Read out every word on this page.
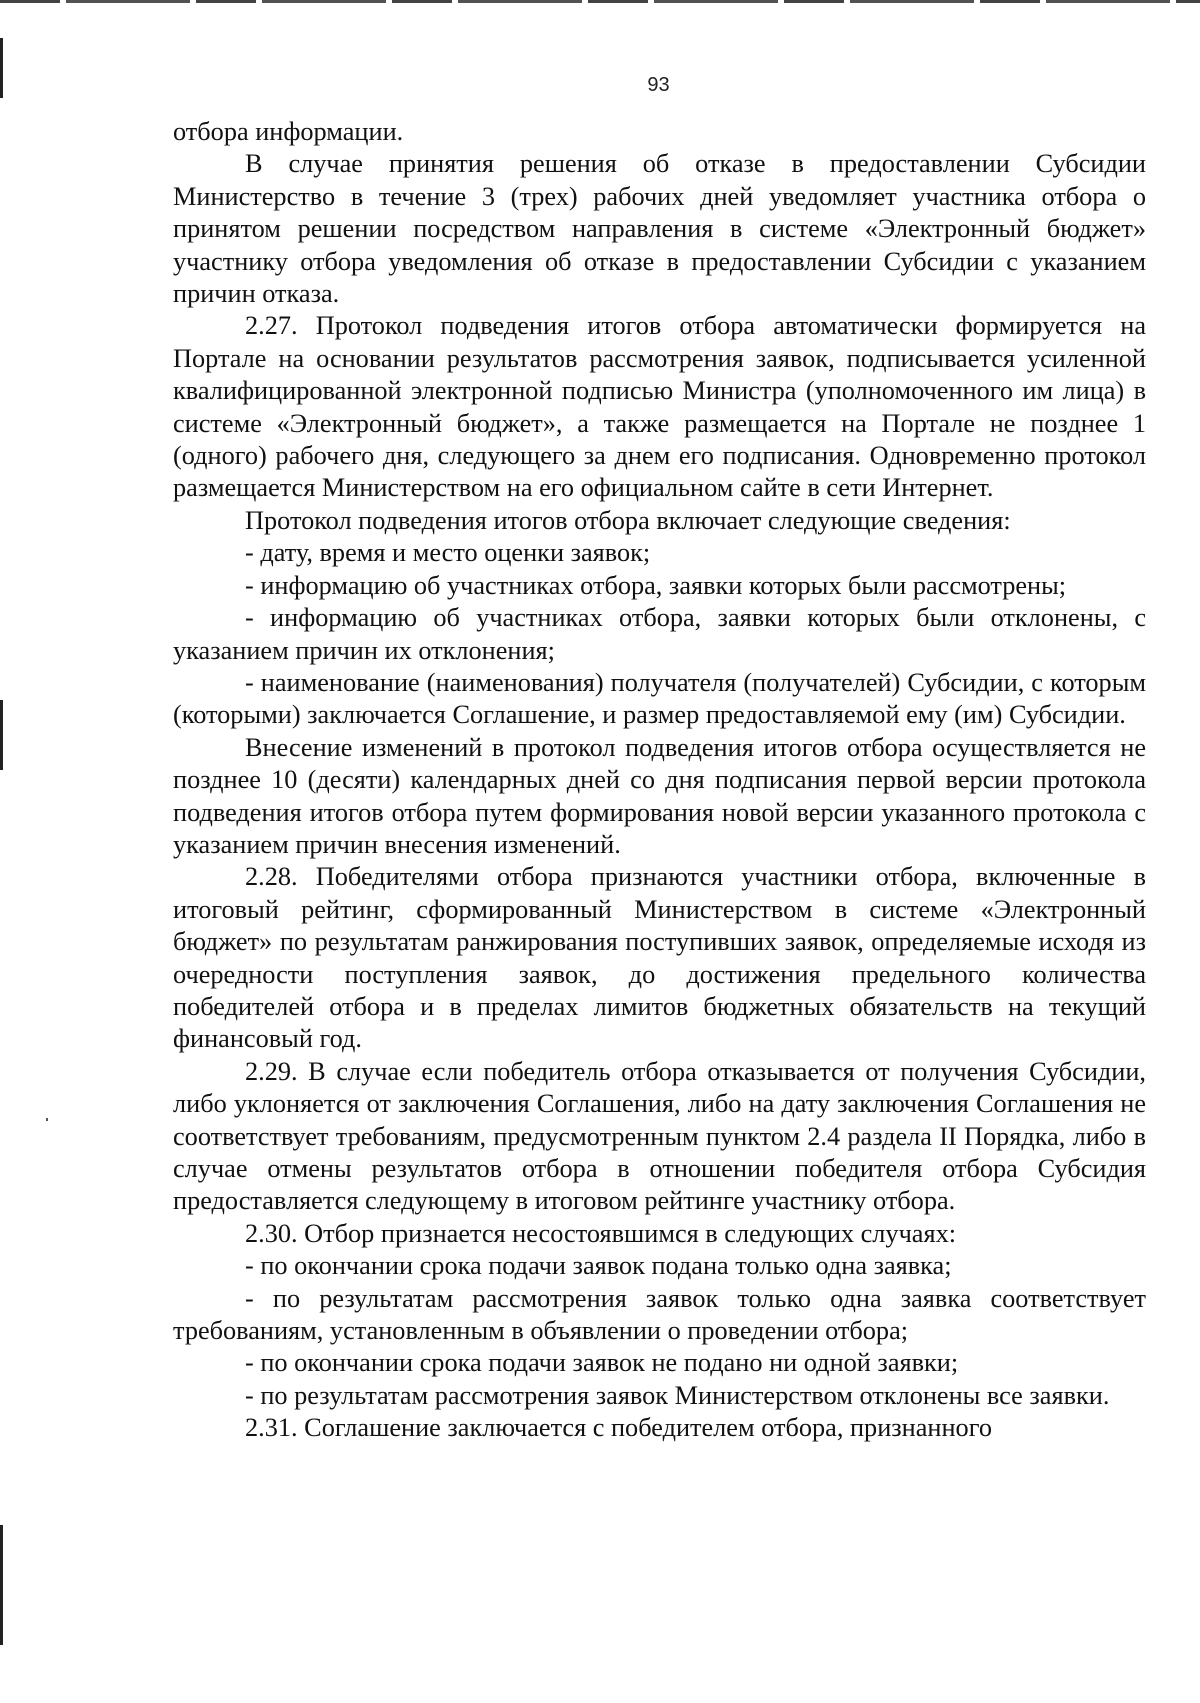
93

отбора информации.

В случае принятия решения об отказе в предоставлении Субсидии Министерство в течение 3 (трех) рабочих дней уведомляет участника отбора о принятом решении посредством направления в системе «Электронный бюджет» участнику отбора уведомления об отказе в предоставлении Субсидии с указанием причин отказа.

2.27. Протокол подведения итогов отбора автоматически формируется на Портале на основании результатов рассмотрения заявок, подписывается усиленной квалифицированной электронной подписью Министра (уполномоченного им лица) в системе «Электронный бюджет», а также размещается на Портале не позднее 1 (одного) рабочего дня, следующего за днем его подписания. Одновременно протокол размещается Министерством на его официальном сайте в сети Интернет.

Протокол подведения итогов отбора включает следующие сведения:

- дату, время и место оценки заявок;

- информацию об участниках отбора, заявки которых были рассмотрены;

- информацию об участниках отбора, заявки которых были отклонены, с указанием причин их отклонения;

- наименование (наименования) получателя (получателей) Субсидии, с которым (которыми) заключается Соглашение, и размер предоставляемой ему (им) Субсидии.

Внесение изменений в протокол подведения итогов отбора осуществляется не позднее 10 (десяти) календарных дней со дня подписания первой версии протокола подведения итогов отбора путем формирования новой версии указанного протокола с указанием причин внесения изменений.

2.28. Победителями отбора признаются участники отбора, включенные в итоговый рейтинг, сформированный Министерством в системе «Электронный бюджет» по результатам ранжирования поступивших заявок, определяемые исходя из очередности поступления заявок, до достижения предельного количества победителей отбора и в пределах лимитов бюджетных обязательств на текущий финансовый год.

2.29. В случае если победитель отбора отказывается от получения Субсидии, либо уклоняется от заключения Соглашения, либо на дату заключения Соглашения не соответствует требованиям, предусмотренным пунктом 2.4 раздела II Порядка, либо в случае отмены результатов отбора в отношении победителя отбора Субсидия предоставляется следующему в итоговом рейтинге участнику отбора.

2.30. Отбор признается несостоявшимся в следующих случаях:

- по окончании срока подачи заявок подана только одна заявка;

- по результатам рассмотрения заявок только одна заявка соответствует требованиям, установленным в объявлении о проведении отбора;

- по окончании срока подачи заявок не подано ни одной заявки;

- по результатам рассмотрения заявок Министерством отклонены все заявки.

2.31. Соглашение заключается с победителем отбора, признанного
